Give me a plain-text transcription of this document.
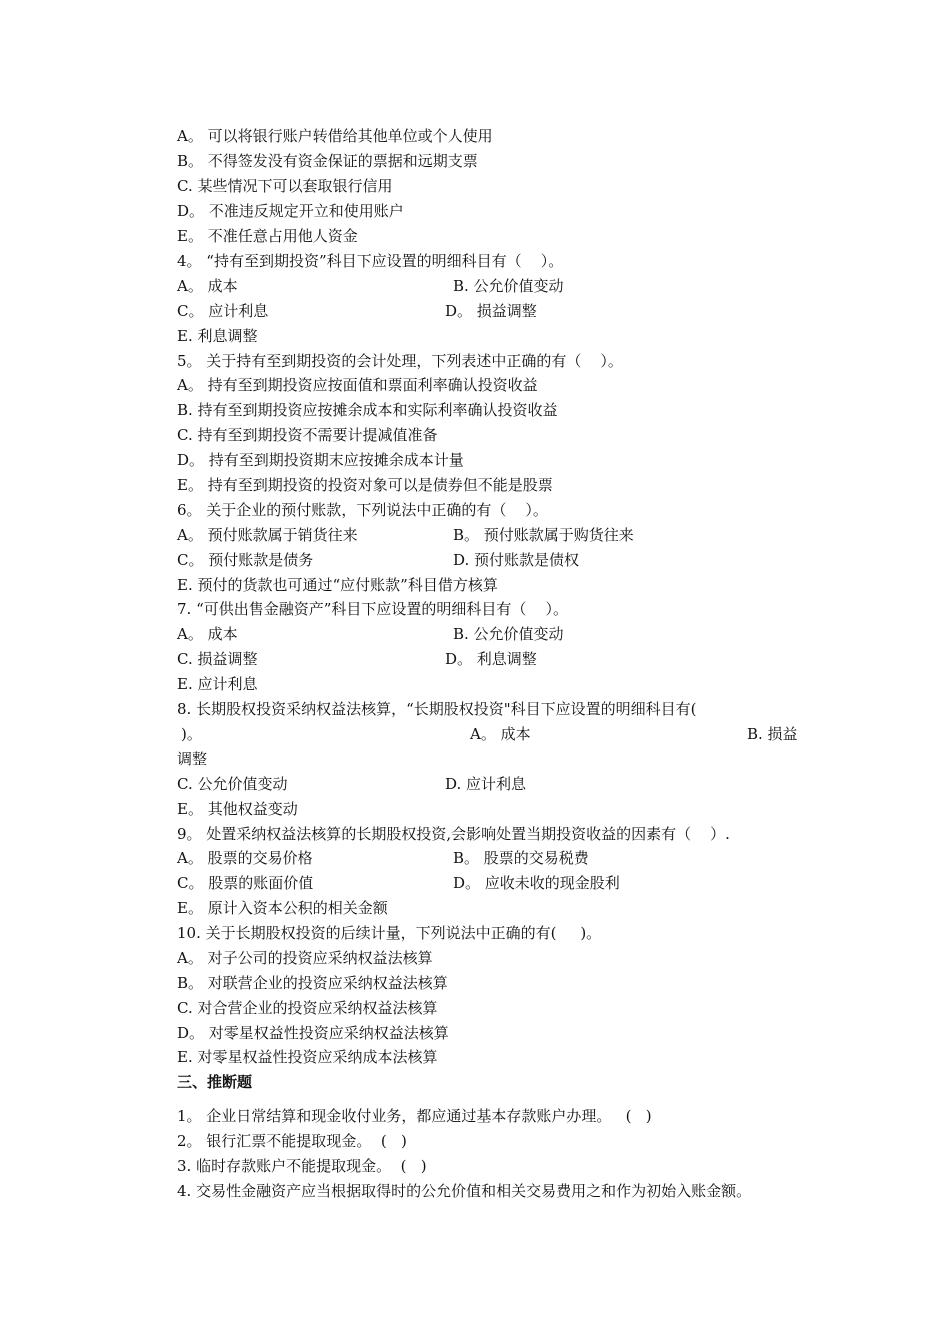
A。 可以将银行账户转借给其他单位或个人使用
B。 不得签发没有资金保证的票据和远期支票
C. 某些情况下可以套取银行信用
D。 不准违反规定开立和使用账户
E。 不准任意占用他人资金
4。 “持有至到期投资”科目下应设置的明细科目有（    ）。
A。 成本	B. 公允价值变动
C。 应计利息	D。 损益调整
E. 利息调整
5。 关于持有至到期投资的会计处理，下列表述中正确的有（    ）。
A。 持有至到期投资应按面值和票面利率确认投资收益
B. 持有至到期投资应按摊余成本和实际利率确认投资收益
C. 持有至到期投资不需要计提减值准备
D。 持有至到期投资期末应按摊余成本计量
E。 持有至到期投资的投资对象可以是债券但不能是股票
6。 关于企业的预付账款，下列说法中正确的有（    ）。
A。 预付账款属于销货往来	B。 预付账款属于购货往来
C。 预付账款是债务	D. 预付账款是债权
E. 预付的货款也可通过“应付账款”科目借方核算
7. “可供出售金融资产”科目下应设置的明细科目有（    ）。
A。 成本	B. 公允价值变动
C. 损益调整	D。 利息调整
E. 应计利息
8. 长期股权投资采纳权益法核算，“长期股权投资"科目下应设置的明细科目有(
)。	A。 成本	B. 损益
调整
C. 公允价值变动	D. 应计利息
E。 其他权益变动
9。 处置采纳权益法核算的长期股权投资,会影响处置当期投资收益的因素有（    ）.
A。 股票的交易价格	B。 股票的交易税费
C。 股票的账面价值	D。 应收未收的现金股利
E。 原计入资本公积的相关金额
10. 关于长期股权投资的后续计量，下列说法中正确的有(     )。
A。 对子公司的投资应采纳权益法核算
B。 对联营企业的投资应采纳权益法核算
C. 对合营企业的投资应采纳权益法核算
D。 对零星权益性投资应采纳权益法核算
E. 对零星权益性投资应采纳成本法核算
三、推断题
1。 企业日常结算和现金收付业务，都应通过基本存款账户办理。   (   )
2。 银行汇票不能提取现金。  (   )
3. 临时存款账户不能提取现金。  (   )
4. 交易性金融资产应当根据取得时的公允价值和相关交易费用之和作为初始入账金额。
